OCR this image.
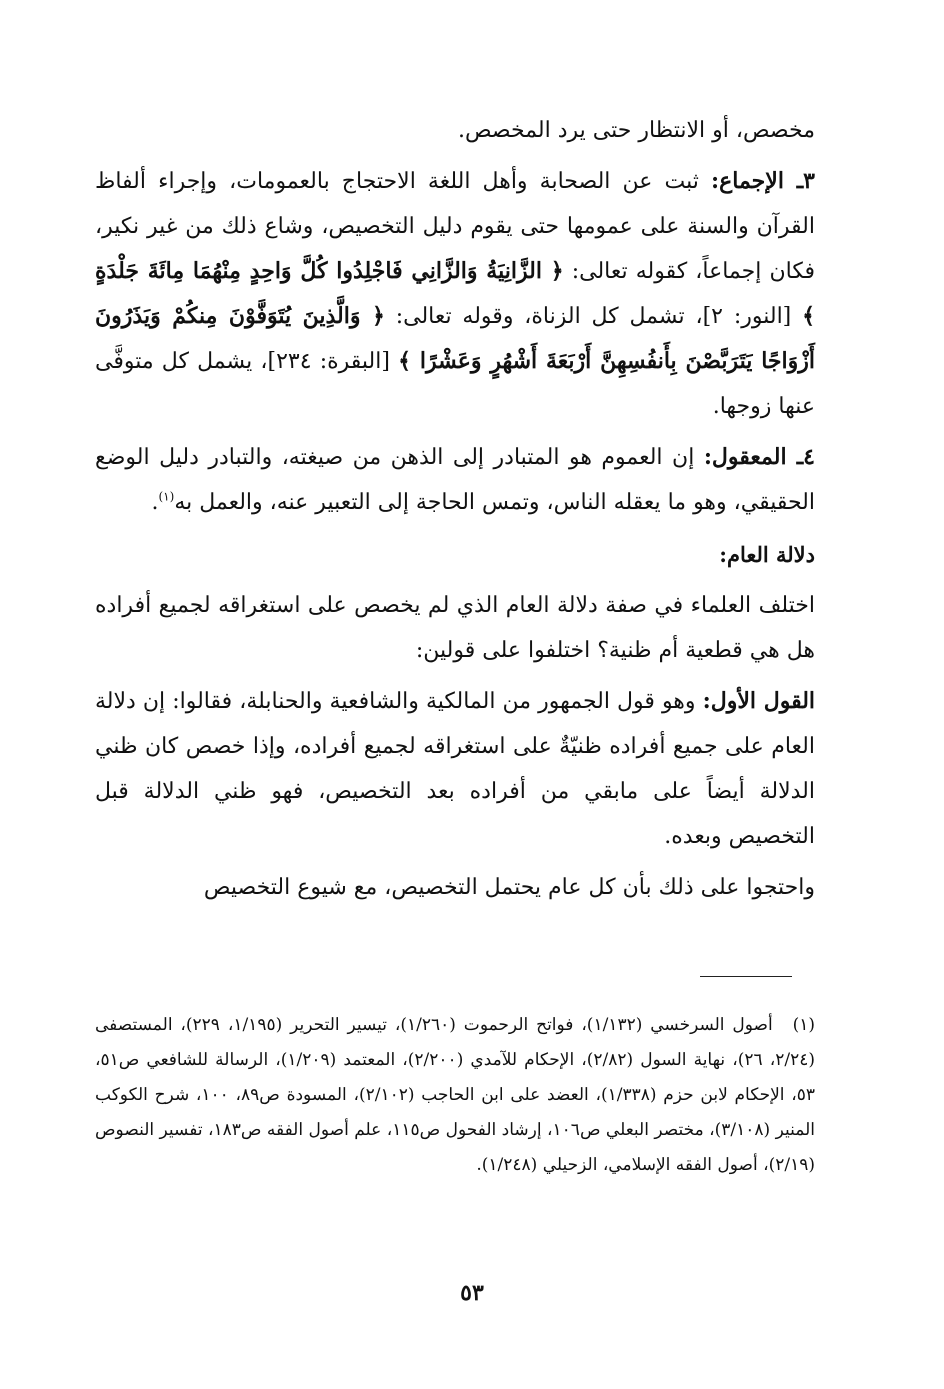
مخصص، أو الانتظار حتى يرد المخصص.

٣ـ الإجماع: ثبت عن الصحابة وأهل اللغة الاحتجاج بالعمومات، وإجراء ألفاظ القرآن والسنة على عمومها حتى يقوم دليل التخصيص، وشاع ذلك من غير نكير، فكان إجماعاً، كقوله تعالى: ﴿ الزَّانِيَةُ وَالزَّانِي فَاجْلِدُوا كُلَّ وَاحِدٍ مِنْهُمَا مِائَةَ جَلْدَةٍ ﴾ [النور: ٢]، تشمل كل الزناة، وقوله تعالى: ﴿ وَالَّذِينَ يُتَوَفَّوْنَ مِنكُمْ وَيَذَرُونَ أَزْوَاجًا يَتَرَبَّصْنَ بِأَنفُسِهِنَّ أَرْبَعَةَ أَشْهُرٍ وَعَشْرًا ﴾ [البقرة: ٢٣٤]، يشمل كل متوفَّى عنها زوجها.

٤ـ المعقول: إن العموم هو المتبادر إلى الذهن من صيغته، والتبادر دليل الوضع الحقيقي، وهو ما يعقله الناس، وتمس الحاجة إلى التعبير عنه، والعمل به$^{(١)}$.

دلالة العام:

اختلف العلماء في صفة دلالة العام الذي لم يخصص على استغراقه لجميع أفراده هل هي قطعية أم ظنية؟ اختلفوا على قولين:

القول الأول: وهو قول الجمهور من المالكية والشافعية والحنابلة، فقالوا: إن دلالة العام على جميع أفراده ظنيّةٌ على استغراقه لجميع أفراده، وإذا خصص كان ظني الدلالة أيضاً على مابقي من أفراده بعد التخصيص، فهو ظني الدلالة قبل التخصيص وبعده.

واحتجوا على ذلك بأن كل عام يحتمل التخصيص، مع شيوع التخصيص

(١) أصول السرخسي (١/١٣٢)، فواتح الرحموت (١/٢٦٠)، تيسير التحرير (١/١٩٥، ٢٢٩)، المستصفى (٢/٢٤، ٢٦)، نهاية السول (٢/٨٢)، الإحكام للآمدي (٢/٢٠٠)، المعتمد (١/٢٠٩)، الرسالة للشافعي ص٥١، ٥٣، الإحكام لابن حزم (١/٣٣٨)، العضد على ابن الحاجب (٢/١٠٢)، المسودة ص٨٩، ١٠٠، شرح الكوكب المنير (٣/١٠٨)، مختصر البعلي ص١٠٦، إرشاد الفحول ص١١٥، علم أصول الفقه ص١٨٣، تفسير النصوص (٢/١٩)، أصول الفقه الإسلامي، الزحيلي (١/٢٤٨).
٥٣
